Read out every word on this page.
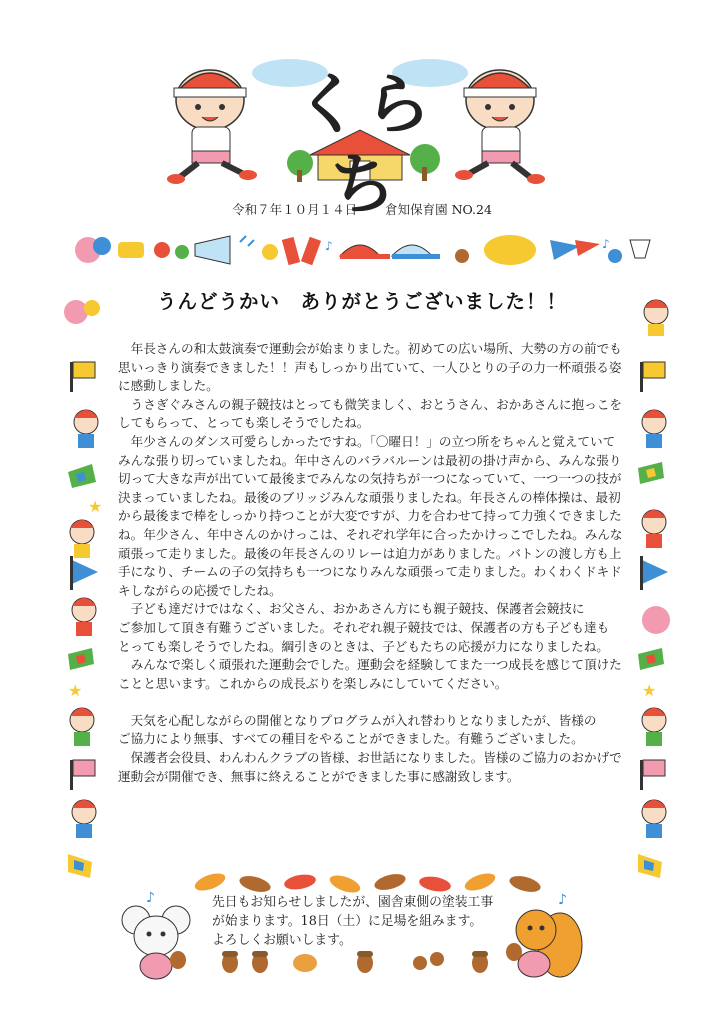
くらち
令和７年１０月１４日 倉知保育園 NO.24
♪	♪
うんどうかい　ありがとうございました！！

年長さんの和太鼓演奏で運動会が始まりました。初めての広い場所、大勢の方の前でも

思いっきり演奏できました！！声もしっかり出ていて、一人ひとりの子の力一杯頑張る姿

に感動しました。

うさぎぐみさんの親子競技はとっても微笑ましく、おとうさん、おかあさんに抱っこを

してもらって、とっても楽しそうでしたね。

年少さんのダンス可愛らしかったですね。「〇曜日！」の立つ所をちゃんと覚えていて

みんな張り切っていましたね。年中さんのバラバルーンは最初の掛け声から、みんな張り

切って大きな声が出ていて最後までみんなの気持ちが一つになっていて、一つ一つの技が

決まっていましたね。最後のブリッジみんな頑張りましたね。年長さんの棒体操は、最初

から最後まで棒をしっかり持つことが大変ですが、力を合わせて持って力強くできました

ね。年少さん、年中さんのかけっこは、それぞれ学年に合ったかけっこでしたね。みんな

頑張って走りました。最後の年長さんのリレーは迫力がありました。バトンの渡し方も上

手になり、チームの子の気持ちも一つになりみんな頑張って走りました。わくわくドキド

キしながらの応援でしたね。

子ども達だけではなく、お父さん、おかあさん方にも親子競技、保護者会競技に

ご参加して頂き有難うございました。それぞれ親子競技では、保護者の方も子ども達も

とっても楽しそうでしたね。綱引きのときは、子どもたちの応援が力になりましたね。

みんなで楽しく頑張れた運動会でした。運動会を経験してまた一つ成長を感じて頂けた

ことと思います。これからの成長ぶりを楽しみにしていてください。

天気を心配しながらの開催となりプログラムが入れ替わりとなりましたが、皆様の

ご協力により無事、すべての種目をやることができました。有難うございました。

保護者会役員、わんわんクラブの皆様、お世話になりました。皆様のご協力のおかげで

運動会が開催でき、無事に終えることができました事に感謝致します。

★
★	★
♪	♪
先日もお知らせしましたが、園舎東側の塗装工事
が始まります。18日（土）に足場を組みます。
よろしくお願いします。
